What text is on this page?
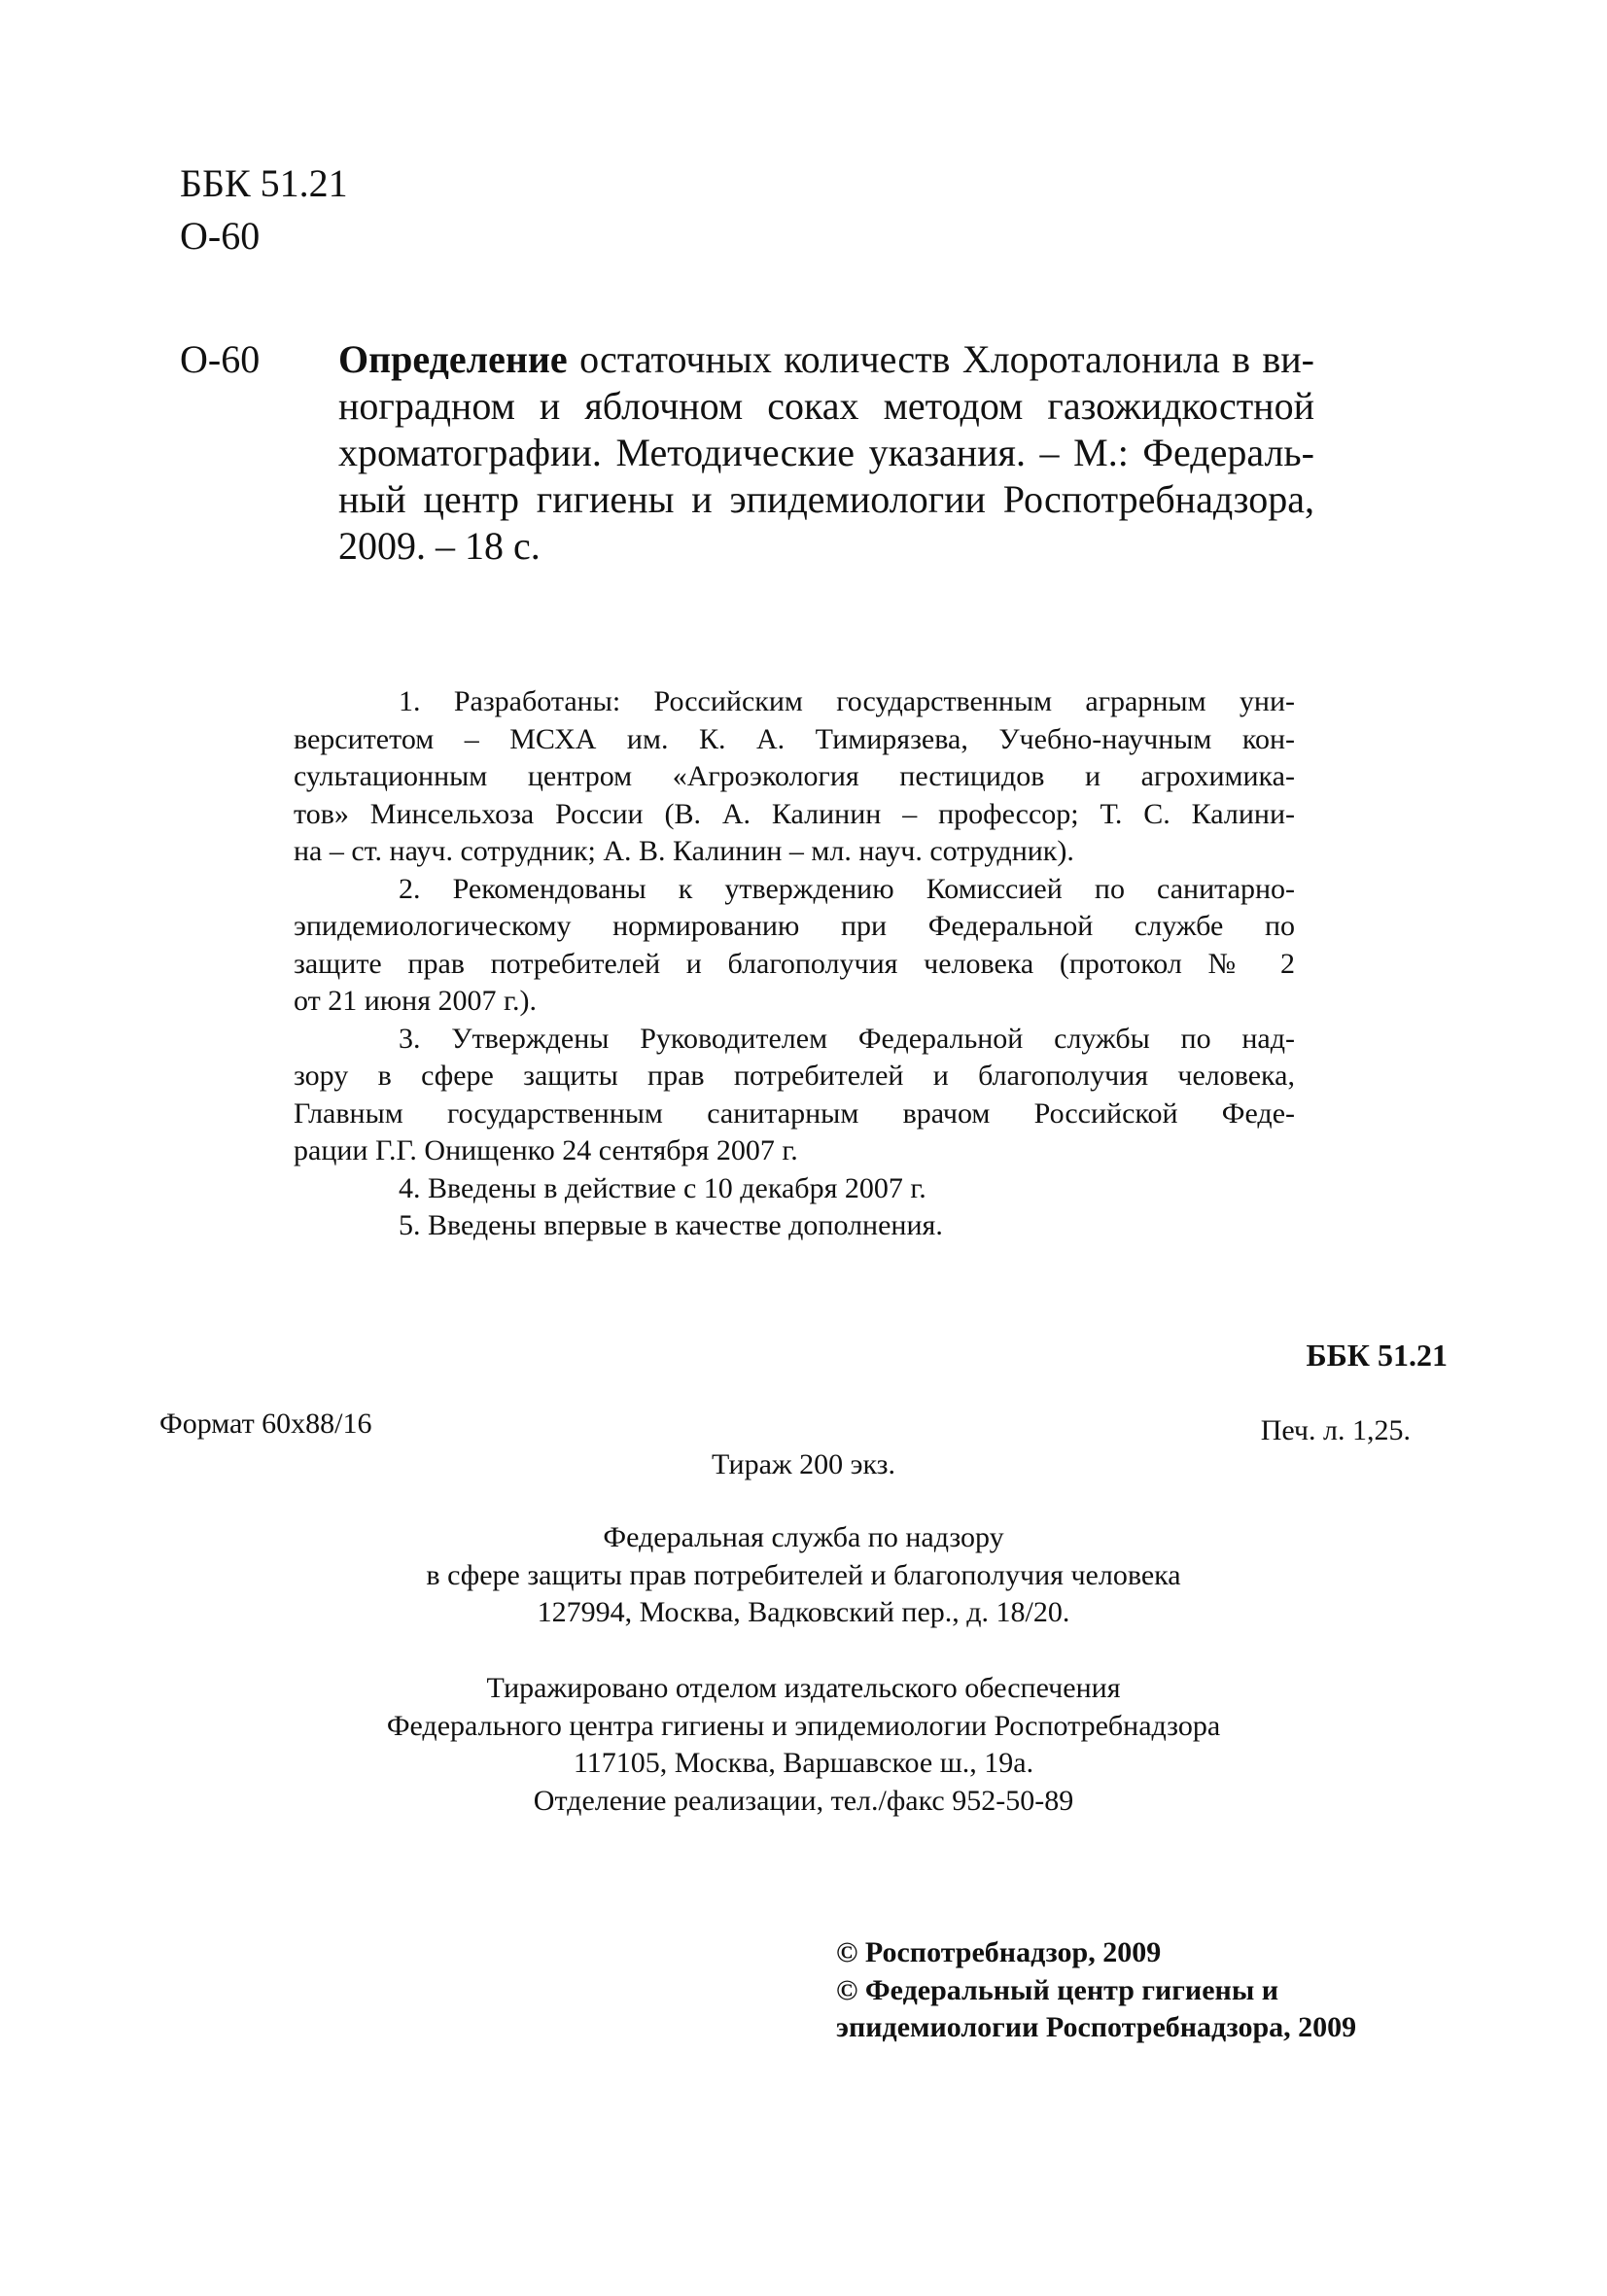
ББК 51.21
О-60
О-60 Определение остаточных количеств Хлороталонила в ви-
ноградном и яблочном соках методом газожидкостной
хроматографии. Методические указания. – М.: Федераль-
ный центр гигиены и эпидемиологии Роспотребнадзора,
2009. – 18 с.
1. Разработаны: Российским государственным аграрным уни-
верситетом – МСХА им. К. А. Тимирязева, Учебно-научным кон-
сультационным центром «Агроэкология пестицидов и агрохимика-
тов» Минсельхоза России (В. А. Калинин – профессор; Т. С. Калини-
на – ст. науч. сотрудник; А. В. Калинин – мл. науч. сотрудник).
2. Рекомендованы к утверждению Комиссией по санитарно-
эпидемиологическому нормированию при Федеральной службе по
защите прав потребителей и благополучия человека (протокол № 2
от 21 июня 2007 г.).
3. Утверждены Руководителем Федеральной службы по над-
зору в сфере защиты прав потребителей и благополучия человека,
Главным государственным санитарным врачом Российской Феде-
рации Г.Г. Онищенко 24 сентября 2007 г.
4. Введены в действие с 10 декабря 2007 г.
5. Введены впервые в качестве дополнения.
ББК 51.21
Формат 60х88/16	Печ. л. 1,25.
Тираж 200 экз.
Федеральная служба по надзору
в сфере защиты прав потребителей и благополучия человека
127994, Москва, Вадковский пер., д. 18/20.
Тиражировано отделом издательского обеспечения
Федерального центра гигиены и эпидемиологии Роспотребнадзора
117105, Москва, Варшавское ш., 19а.
Отделение реализации, тел./факс 952-50-89
© Роспотребнадзор, 2009
© Федеральный центр гигиены и
эпидемиологии Роспотребнадзора, 2009
